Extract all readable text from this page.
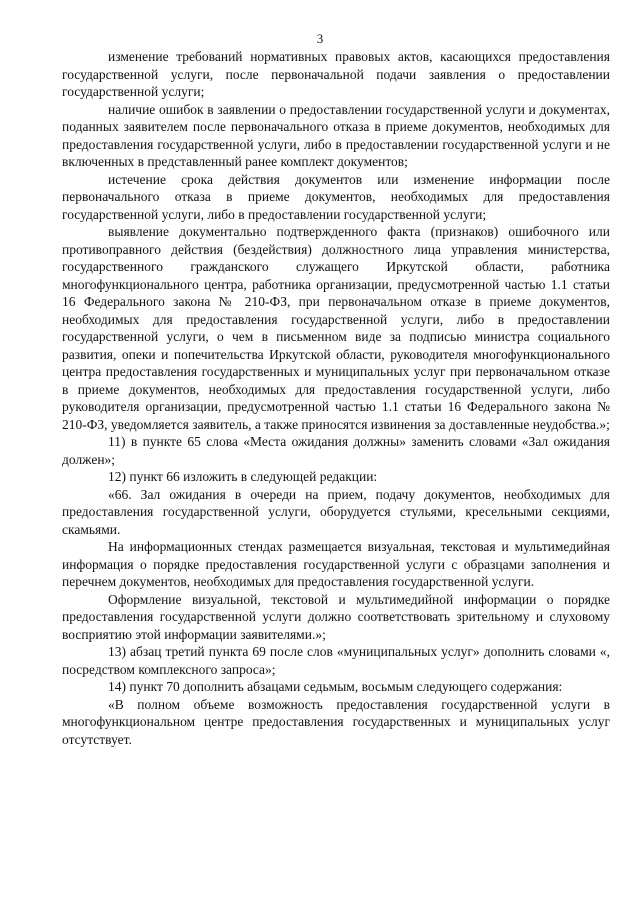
3

изменение требований нормативных правовых актов, касающихся предоставления государственной услуги, после первоначальной подачи заявления о предоставлении государственной услуги;

наличие ошибок в заявлении о предоставлении государственной услуги и документах, поданных заявителем после первоначального отказа в приеме документов, необходимых для предоставления государственной услуги, либо в предоставлении государственной услуги и не включенных в представленный ранее комплект документов;

истечение срока действия документов или изменение информации после первоначального отказа в приеме документов, необходимых для предоставления государственной услуги, либо в предоставлении государственной услуги;

выявление документально подтвержденного факта (признаков) ошибочного или противоправного действия (бездействия) должностного лица управления министерства, государственного гражданского служащего Иркутской области, работника многофункционального центра, работника организации, предусмотренной частью 1.1 статьи 16 Федерального закона № 210-ФЗ, при первоначальном отказе в приеме документов, необходимых для предоставления государственной услуги, либо в предоставлении государственной услуги, о чем в письменном виде за подписью министра социального развития, опеки и попечительства Иркутской области, руководителя многофункционального центра предоставления государственных и муниципальных услуг при первоначальном отказе в приеме документов, необходимых для предоставления государственной услуги, либо руководителя организации, предусмотренной частью 1.1 статьи 16 Федерального закона № 210-ФЗ, уведомляется заявитель, а также приносятся извинения за доставленные неудобства.»;

11) в пункте 65 слова «Места ожидания должны» заменить словами «Зал ожидания должен»;

12) пункт 66 изложить в следующей редакции:

«66. Зал ожидания в очереди на прием, подачу документов, необходимых для предоставления государственной услуги, оборудуется стульями, кресельными секциями, скамьями.

На информационных стендах размещается визуальная, текстовая и мультимедийная информация о порядке предоставления государственной услуги с образцами заполнения и перечнем документов, необходимых для предоставления государственной услуги.

Оформление визуальной, текстовой и мультимедийной информации о порядке предоставления государственной услуги должно соответствовать зрительному и слуховому восприятию этой информации заявителями.»;

13) абзац третий пункта 69 после слов «муниципальных услуг» дополнить словами «, посредством комплексного запроса»;

14) пункт 70 дополнить абзацами седьмым, восьмым следующего содержания:

«В полном объеме возможность предоставления государственной услуги в многофункциональном центре предоставления государственных и муниципальных услуг отсутствует.
